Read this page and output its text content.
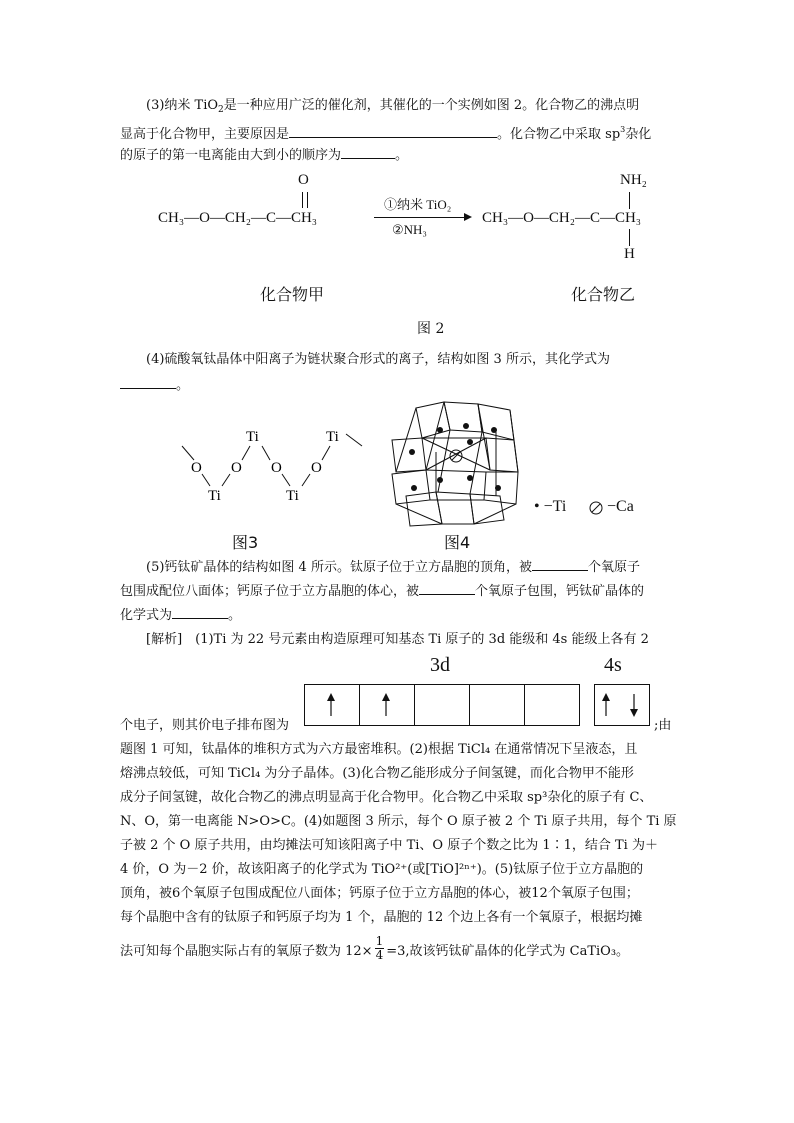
(3)纳米 TiO$_2$是一种应用广泛的催化剂，其催化的一个实例如图 2。化合物乙的沸点明
显高于化合物甲，主要原因是	。化合物乙中采取 $sp^3$杂化
的原子的第一电离能由大到小的顺序为	。
O
CH₃—O—CH₂—C—CH₃
①纳米 TiO₂
②NH₃
NH₂
CH₃—O—CH₂—C—CH₃
H
化合物甲	化合物乙
图 2
(4)硫酸氧钛晶体中阳离子为链状聚合形式的离子，结构如图 3 所示，其化学式为
。
Ti	Ti
O O O O
Ti	Ti
图3	图4
• −Ti	−Ca
(5)钙钛矿晶体的结构如图 4 所示。钛原子位于立方晶胞的顶角，被	个氧原子
包围成配位八面体；钙原子位于立方晶胞的体心，被	个氧原子包围，钙钛矿晶体的
化学式为	。
[解析]　(1)Ti 为 22 号元素由构造原理可知基态 Ti 原子的 3d 能级和 4s 能级上各有 2
3d	4s
个电子，则其价电子排布图为	;由
题图 1 可知，钛晶体的堆积方式为六方最密堆积。(2)根据 TiCl₄ 在通常情况下呈液态，且
熔沸点较低，可知 TiCl₄ 为分子晶体。(3)化合物乙能形成分子间氢键，而化合物甲不能形
成分子间氢键，故化合物乙的沸点明显高于化合物甲。化合物乙中采取 sp³杂化的原子有 C、
N、O，第一电离能 N>O>C。(4)如题图 3 所示，每个 O 原子被 2 个 Ti 原子共用，每个 Ti 原
子被 2 个 O 原子共用，由均摊法可知该阳离子中 Ti、O 原子个数之比为 1∶1，结合 Ti 为＋
4 价，O 为－2 价，故该阳离子的化学式为 TiO²⁺(或[TiO]²ⁿ⁺)。(5)钛原子位于立方晶胞的
顶角，被6个氧原子包围成配位八面体；钙原子位于立方晶胞的体心，被12个氧原子包围；
每个晶胞中含有的钛原子和钙原子均为 1 个，晶胞的 12 个边上各有一个氧原子，根据均摊
法可知每个晶胞实际占有的氧原子数为 $12\times \frac{1}{4} =3$,故该钙钛矿晶体的化学式为 CaTiO₃。
